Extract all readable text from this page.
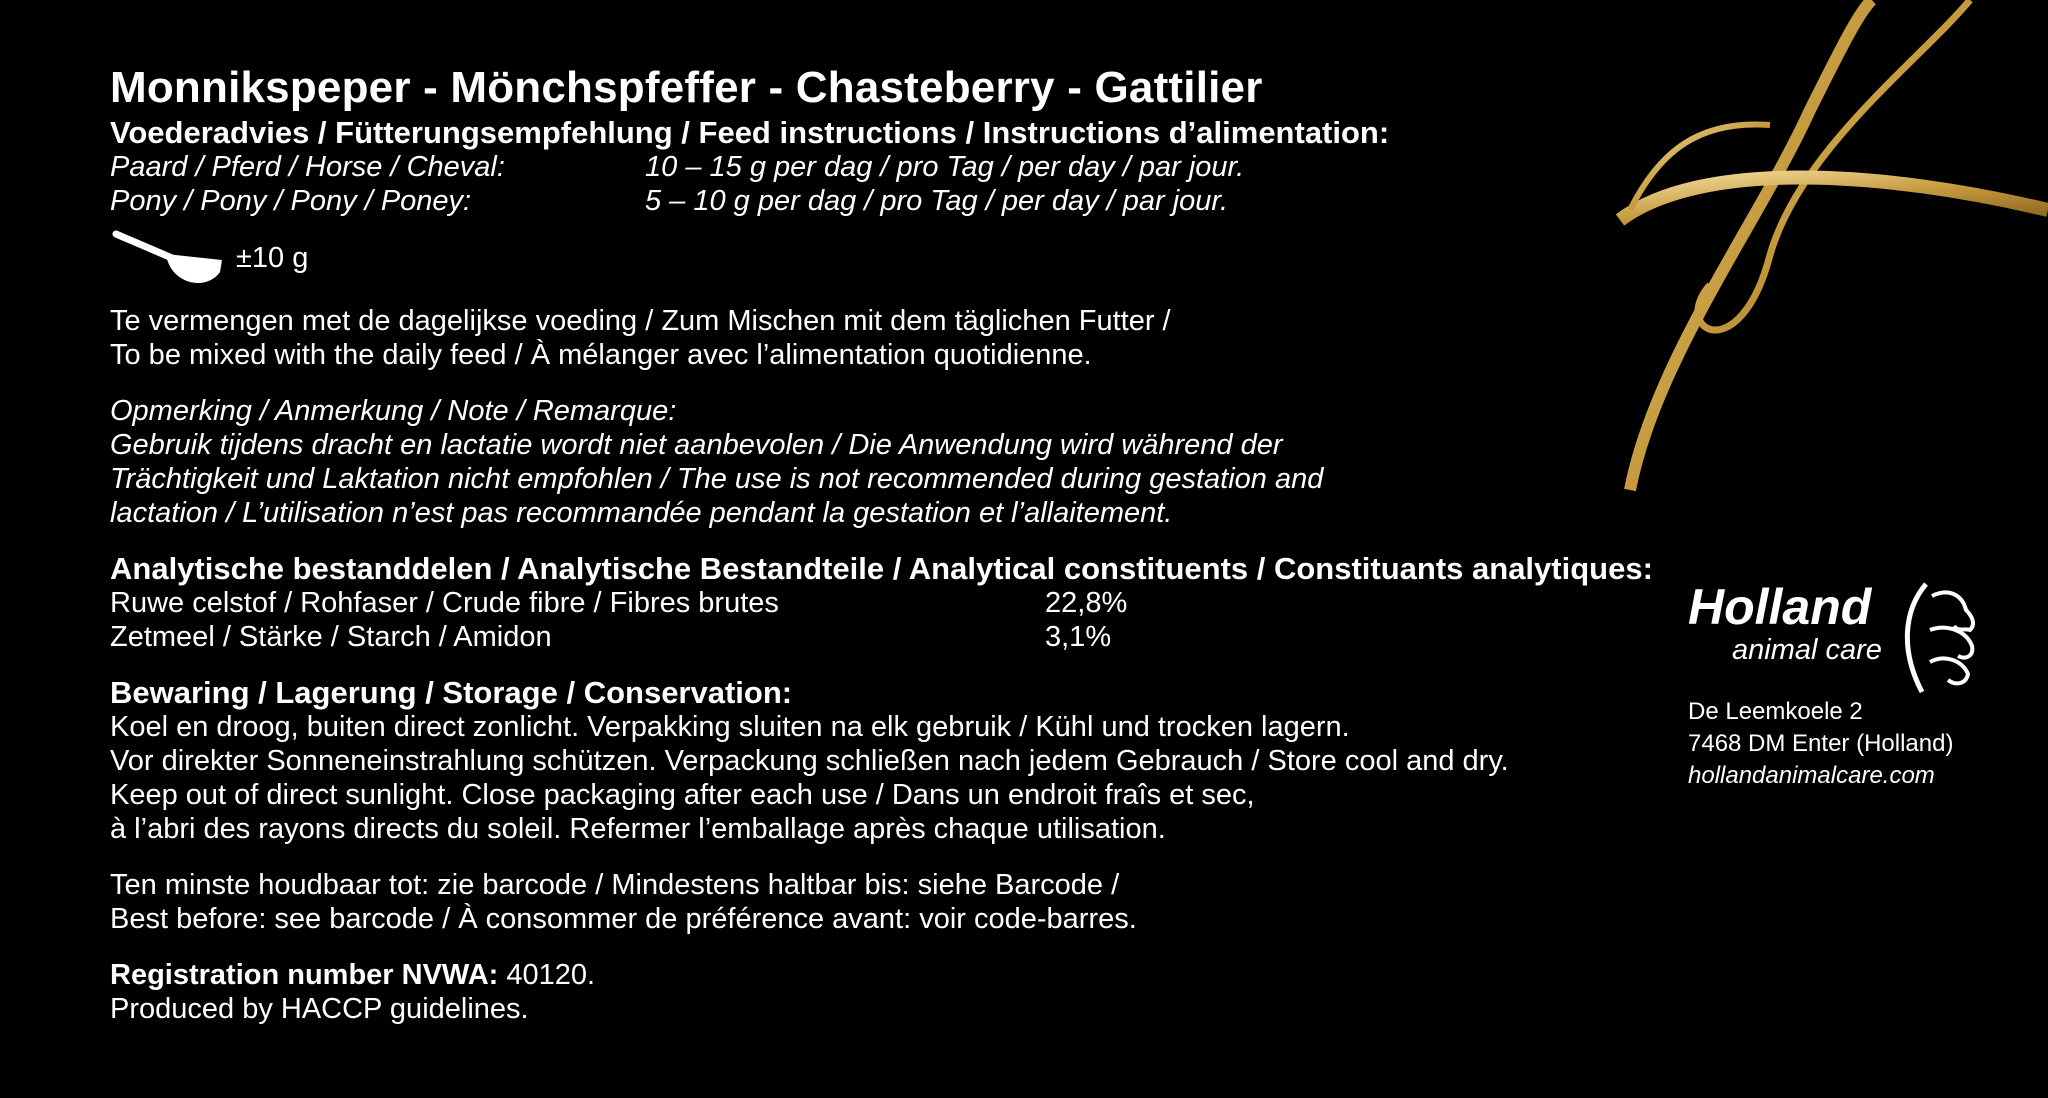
Monnikspeper - Mönchspfeffer - Chasteberry - Gattilier
Voederadvies / Fütterungsempfehlung / Feed instructions / Instructions d’alimentation:
Paard / Pferd / Horse / Cheval:	10 – 15 g per dag / pro Tag / per day / par jour.
Pony / Pony / Pony / Poney:	5 – 10 g per dag / pro Tag / per day / par jour.
±10 g
Te vermengen met de dagelijkse voeding / Zum Mischen mit dem täglichen Futter /
To be mixed with the daily feed / À mélanger avec l’alimentation quotidienne.
Opmerking / Anmerkung / Note / Remarque:
Gebruik tijdens dracht en lactatie wordt niet aanbevolen / Die Anwendung wird während der
Trächtigkeit und Laktation nicht empfohlen / The use is not recommended during gestation and
lactation / L’utilisation n’est pas recommandée pendant la gestation et l’allaitement.
Analytische bestanddelen / Analytische Bestandteile / Analytical constituents / Constituants analytiques:
Ruwe celstof / Rohfaser / Crude fibre / Fibres brutes	22,8%
Zetmeel / Stärke / Starch / Amidon	3,1%
Bewaring / Lagerung / Storage / Conservation:
Koel en droog, buiten direct zonlicht. Verpakking sluiten na elk gebruik / Kühl und trocken lagern.
Vor direkter Sonneneinstrahlung schützen. Verpackung schließen nach jedem Gebrauch / Store cool and dry.
Keep out of direct sunlight. Close packaging after each use / Dans un endroit fraîs et sec,
à l’abri des rayons directs du soleil. Refermer l’emballage après chaque utilisation.
Ten minste houdbaar tot: zie barcode / Mindestens haltbar bis: siehe Barcode /
Best before: see barcode / À consommer de préférence avant: voir code-barres.
Registration number NVWA: 40120.
Produced by HACCP guidelines.
Holland
animal care
De Leemkoele 2
7468 DM Enter (Holland)
hollandanimalcare.com
